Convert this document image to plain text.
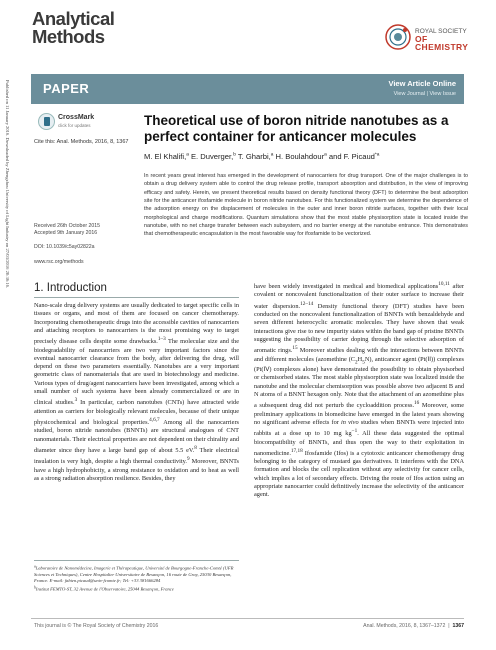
Published on 11 January 2016. Downloaded by Zhengzhou University of Light Industry on 27/03/2016 20:36:16.
Analytical
Methods	ROYAL SOCIETY
OF CHEMISTRY
PAPER	View Article Online
View Journal | View Issue
CrossMark
click for updates
Cite this: Anal. Methods, 2016, 8, 1367
Theoretical use of boron nitride nanotubes as a perfect container for anticancer molecules
M. El Khalifi,$^a$ E. Duverger,$^b$ T. Gharbi,$^a$ H. Boulahdour$^a$ and F. Picaud$^{*a}$
In recent years great interest has emerged in the development of nanocarriers for drug transport. One of the major challenges is to obtain a drug delivery system able to control the drug release profile, transport absorption and distribution, in the view of improving efficacy and safety. Herein, we present theoretical results based on density functional theory (DFT) to determine the best adsorption site for the anticancer ifosfamide molecule in boron nitride nanotubes. For this functionalized system we determine the dependence of the adsorption energy on the displacement of molecules in the outer and inner boron nitride surfaces, together with their local morphological and charge modifications. Quantum simulations show that the most stable physisorption state is located inside the nanotube, with no net charge transfer between each subsystem, and no barrier energy at the nanotube entrance. This demonstrates that chemotherapeutic encapsulation is the most favorable way for ifosfamide to be vectorized.
Received 26th October 2015
Accepted 9th January 2016
DOI: 10.1039/c5ay02822a
www.rsc.org/methods
1. Introduction

Nano-scale drug delivery systems are usually dedicated to target specific cells in tissues or organs, and most of them are focused on cancer chemotherapy. Incorporating chemotherapeutic drugs into the accessible cavities of nanocarriers and attaching receptors to nanocarriers is the most promising way to target precisely disease cells despite some drawbacks.$^{1-3}$ The molecular size and the biodegradability of nanocarriers are two very important factors since the eventual nanocarrier clearance from the body, after delivering the drug, will depend on these two parameters essentially. Nanotubes are a very important geometric class of nanomaterials that are used in biotechnology and medicine. Various types of drug/agent nanocarriers have been investigated, among which a small number of such systems have been already commercialized or are in clinical studies.$^3$ In particular, carbon nanotubes (CNTs) have attracted wide attention as carriers for biologically relevant molecules, because of their unique physicochemical and biological properties.$^{4,6,7}$ Among all the nanocarriers studied, boron nitride nanotubes (BNNTs) are structural analogues of CNT nanomaterials. Their electrical properties are not dependent on their chirality and diameter since they have a large band gap of about 5.5 eV.$^8$ Their electrical insulation is very high, despite a high thermal conductivity.$^9$ Moreover, BNNTs have a high hydrophobicity, a strong resistance to oxidation and to heat as well as a strong radiation absorption resilience. Besides, they

have been widely investigated in medical and biomedical applications$^{10,11}$ after covalent or noncovalent functionalization of their outer surface to increase their water dispersion.$^{12-14}$ Density functional theory (DFT) studies have been conducted on the noncovalent functionalization of BNNTs with benzaldehyde and seven different heterocyclic aromatic molecules. They have shown that weak interactions give rise to new impurity states within the band gap of pristine BNNTs suggesting the possibility of carrier doping through the selective adsorption of aromatic rings.$^{15}$ Moreover studies dealing with the interactions between BNNTs and different molecules (azomethine $(C_2H_5N)$, anticancer agent (Pt(II)) complexes (Pt(IV) complexes alone) have demonstrated the possibility to obtain physisorbed or chemisorbed states. The most stable physisorption state was localized inside the nanotube and the molecular chemisorption was possible above two adjacent B and N atoms of a BNNT hexagon only. Note that the attachment of an azomethine plus a subsequent drug did not perturb the cycloaddition process.$^{16}$ Moreover, some preliminary applications in biomedicine have emerged in the latest years showing no significant adverse effects for in vivo studies when BNNTs were injected into rabbits at a dose up to 10 mg $kg^{-1}$. All these data suggested the optimal biocompatibility of BNNTs, and thus open the way to their exploitation in nanomedicine.$^{17,18}$ Ifosfamide (Ifos) is a cytotoxic anticancer chemotherapy drug belonging to the category of mustard gas derivatives. It interferes with the DNA formation and blocks the cell replication without any selectivity for cancer cells, which implies a lot of secondary effects. Driving the route of Ifos action using an appropriate nanocarrier could definitively increase the selectivity of the anticancer agent.

$^a$Laboratoire de Nanomédecine, Imagerie et Thérapeutique, Université de Bourgogne-Franche-Comté (UFR Sciences et Techniques), Centre Hospitalier Universitaire de Besançon, 16 route de Gray, 25030 Besançon, France. E-mail: fabien.picaud@univ-fcomte.fr; Tel: +33 381666284
$^b$Institut FEMTO-ST, 32 Avenue de l'Observatoire, 25044 Besançon, France
This journal is © The Royal Society of Chemistry 2016	Anal. Methods, 2016, 8, 1367–1372  |  1367
